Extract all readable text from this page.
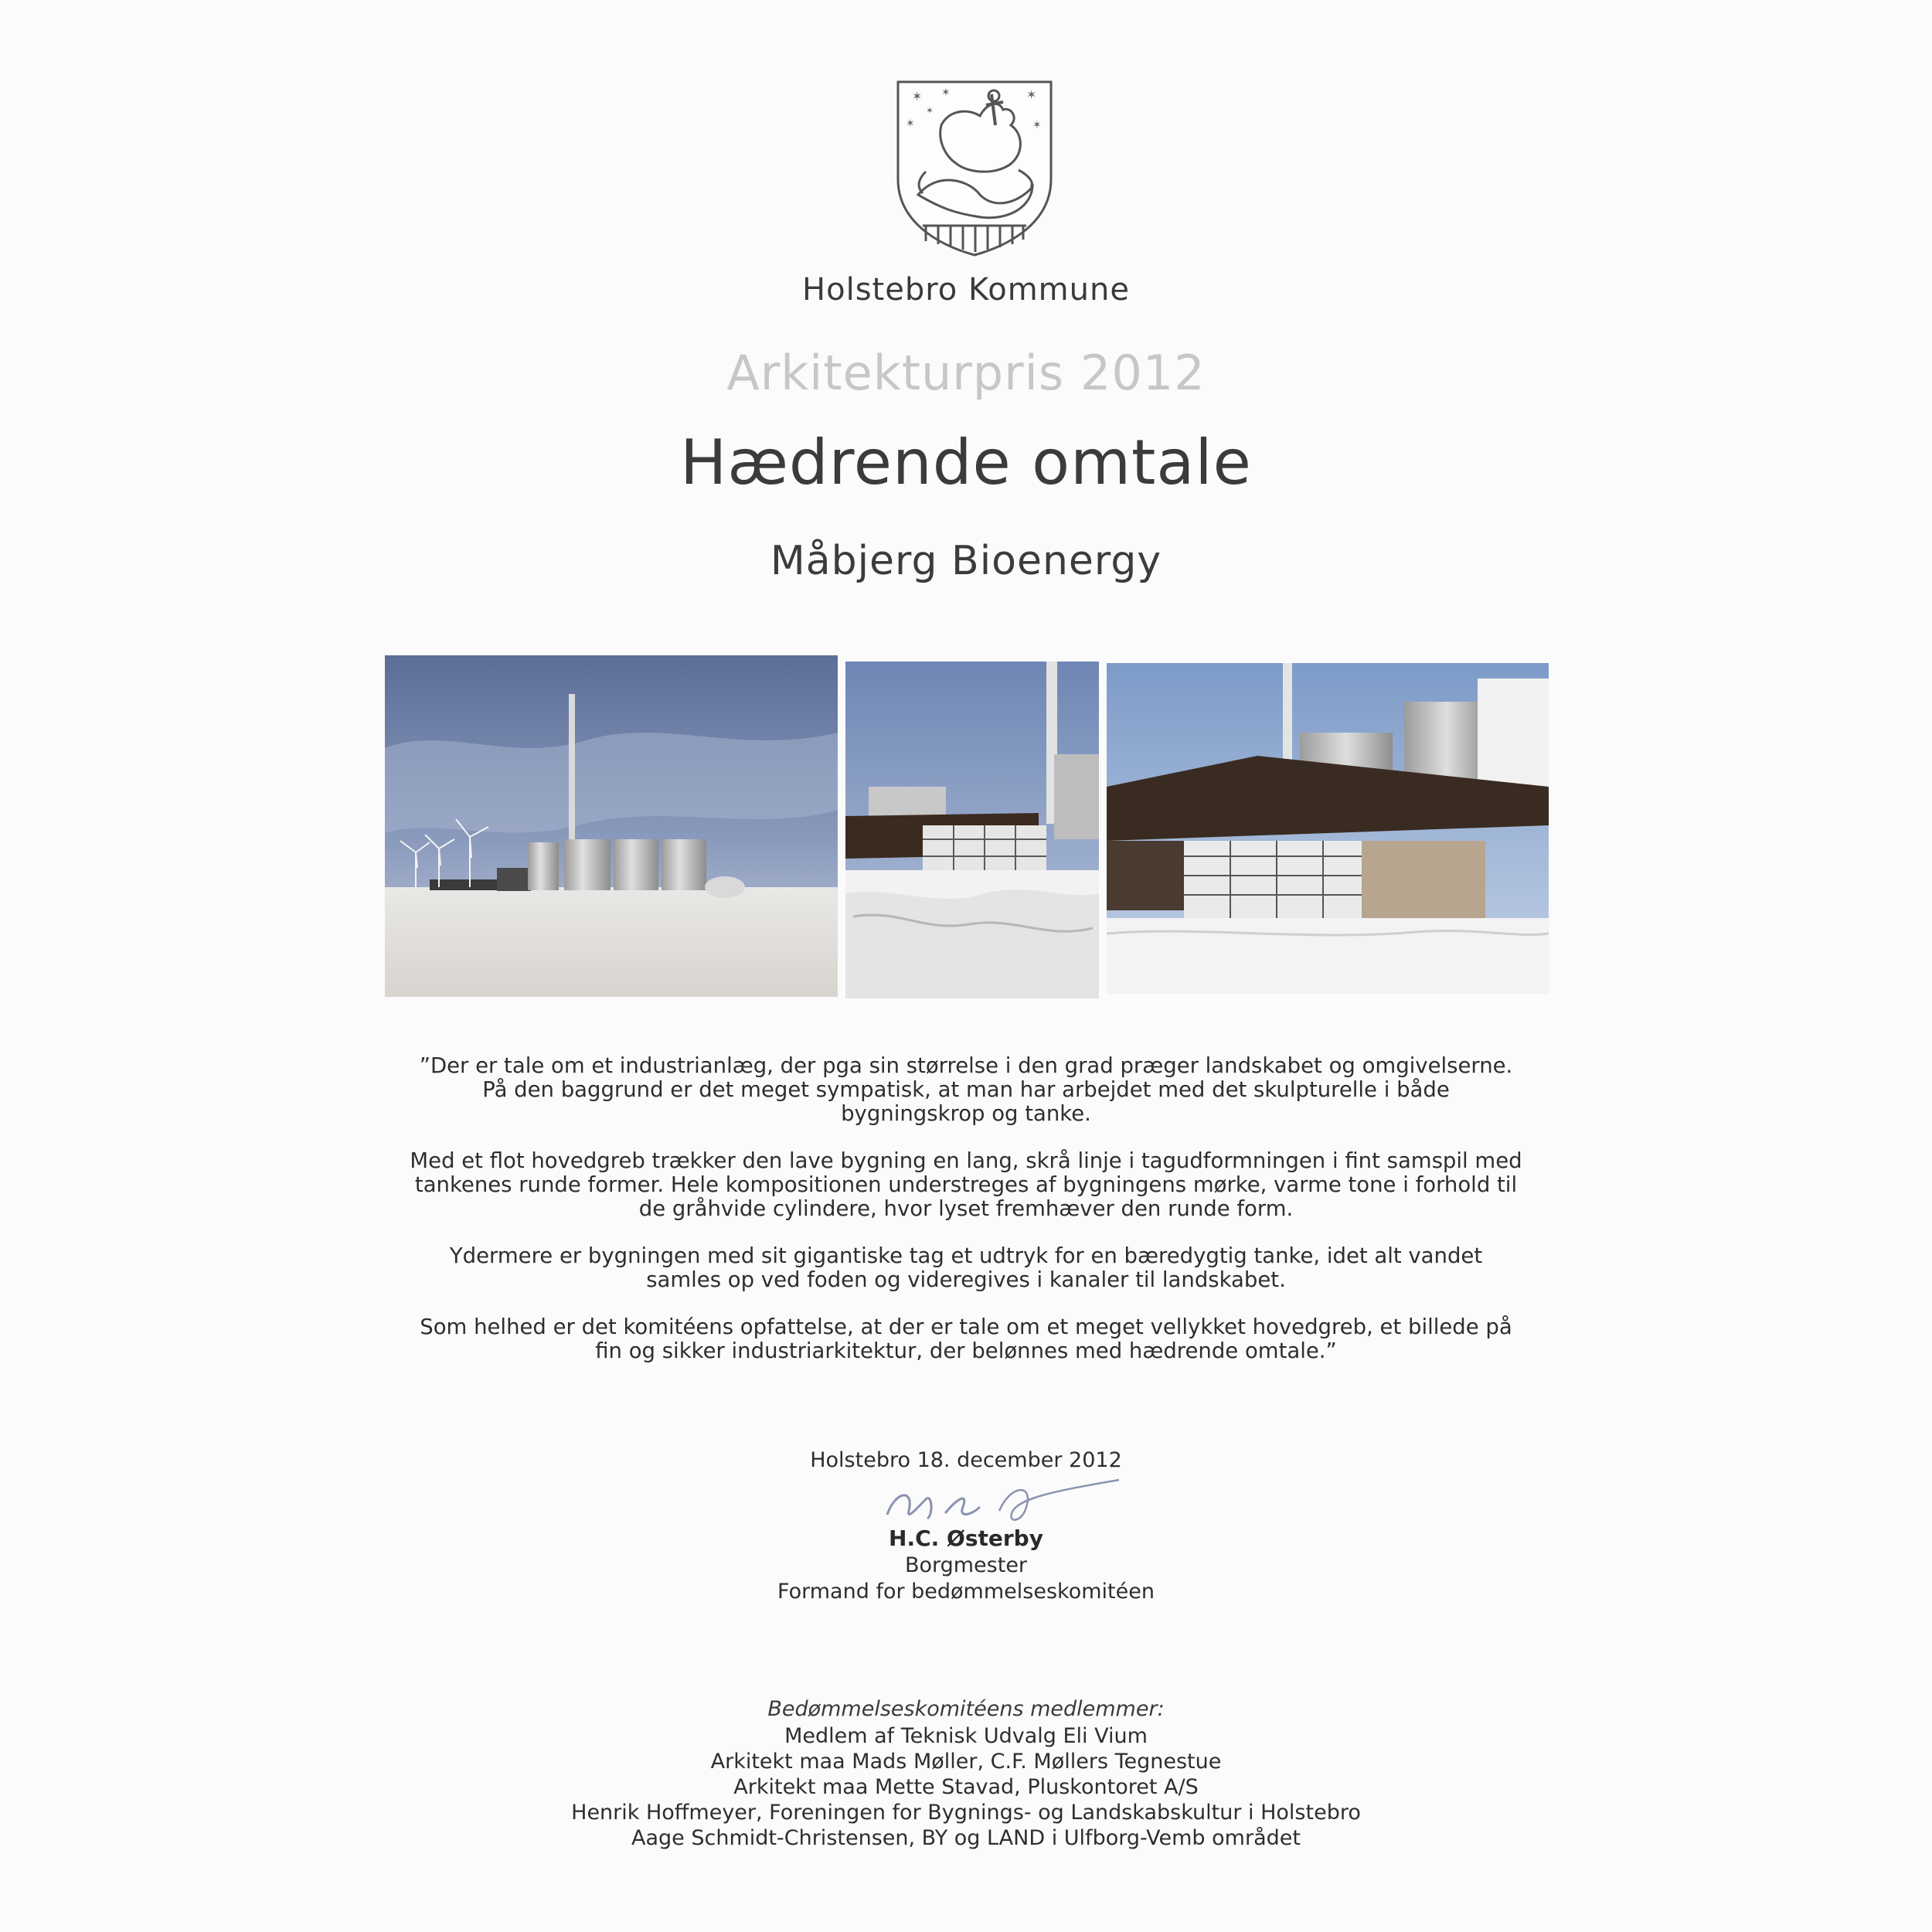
✶ ✶	✶
✶	✶
✶
Holstebro Kommune
Arkitekturpris 2012
Hædrende omtale
Måbjerg Bioenergy

”Der er tale om et industrianlæg, der pga sin størrelse i den grad præger landskabet og omgivelserne. På den baggrund er det meget sympatisk, at man har arbejdet med det skulpturelle i både bygningskrop og tanke.

Med et flot hovedgreb trækker den lave bygning en lang, skrå linje i tagudformningen i fint samspil med tankenes runde former. Hele kompositionen understreges af bygningens mørke, varme tone i forhold til de gråhvide cylindere, hvor lyset fremhæver den runde form.

Ydermere er bygningen med sit gigantiske tag et udtryk for en bæredygtig tanke, idet alt vandet samles op ved foden og videregives i kanaler til landskabet.

Som helhed er det komitéens opfattelse, at der er tale om et meget vellykket hovedgreb, et billede på fin og sikker industriarkitektur, der belønnes med hædrende omtale.”

Holstebro 18. december 2012
H.C. Østerby
Borgmester
Formand for bedømmelseskomitéen
Bedømmelseskomitéens medlemmer:
Medlem af Teknisk Udvalg Eli Vium
Arkitekt maa Mads Møller, C.F. Møllers Tegnestue
Arkitekt maa Mette Stavad, Pluskontoret A/S
Henrik Hoffmeyer, Foreningen for Bygnings- og Landskabskultur i Holstebro
Aage Schmidt-Christensen, BY og LAND i Ulfborg-Vemb området
